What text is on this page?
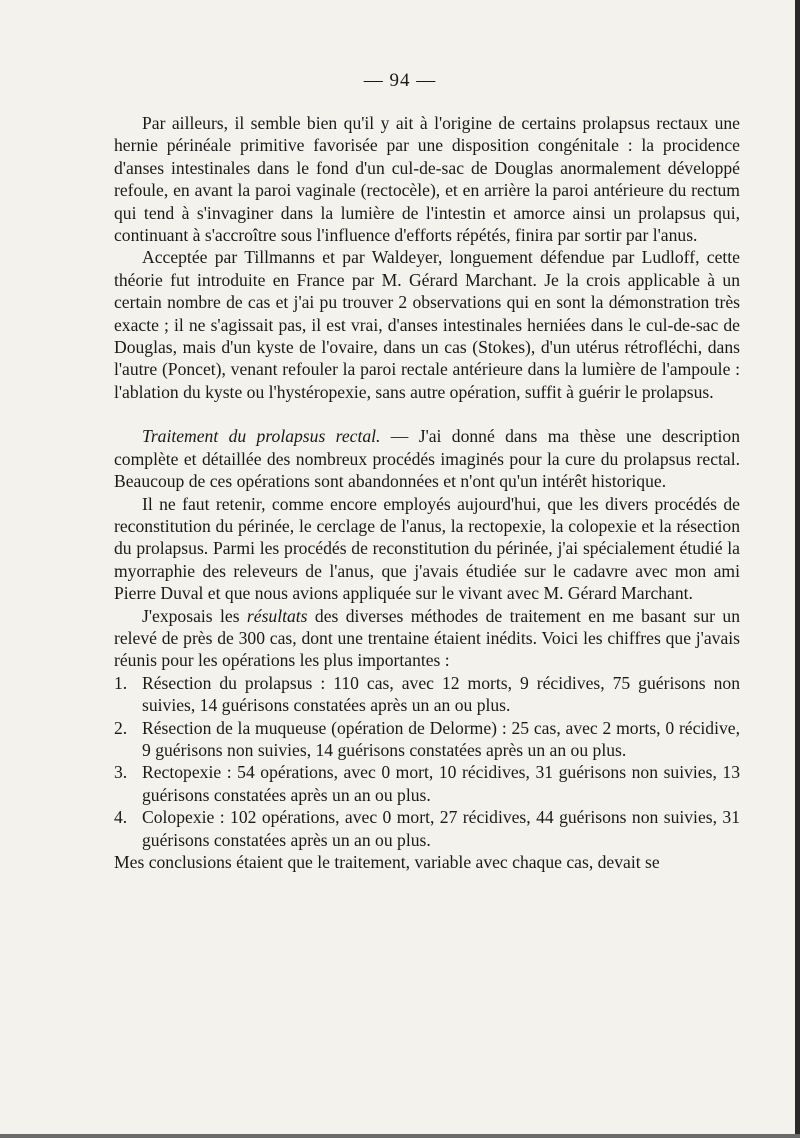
— 94 —

Par ailleurs, il semble bien qu'il y ait à l'origine de certains prolapsus rectaux une hernie périnéale primitive favorisée par une disposition congénitale : la procidence d'anses intestinales dans le fond d'un cul-de-sac de Douglas anormalement développé refoule, en avant la paroi vaginale (rectocèle), et en arrière la paroi antérieure du rectum qui tend à s'invaginer dans la lumière de l'intestin et amorce ainsi un prolapsus qui, continuant à s'accroître sous l'influence d'efforts répétés, finira par sortir par l'anus.

Acceptée par Tillmanns et par Waldeyer, longuement défendue par Ludloff, cette théorie fut introduite en France par M. Gérard Marchant. Je la crois applicable à un certain nombre de cas et j'ai pu trouver 2 observations qui en sont la démonstration très exacte ; il ne s'agissait pas, il est vrai, d'anses intestinales herniées dans le cul-de-sac de Douglas, mais d'un kyste de l'ovaire, dans un cas (Stokes), d'un utérus rétrofléchi, dans l'autre (Poncet), venant refouler la paroi rectale antérieure dans la lumière de l'ampoule : l'ablation du kyste ou l'hystéropexie, sans autre opération, suffit à guérir le prolapsus.

Traitement du prolapsus rectal. — J'ai donné dans ma thèse une description complète et détaillée des nombreux procédés imaginés pour la cure du prolapsus rectal. Beaucoup de ces opérations sont abandonnées et n'ont qu'un intérêt historique.

Il ne faut retenir, comme encore employés aujourd'hui, que les divers procédés de reconstitution du périnée, le cerclage de l'anus, la rectopexie, la colopexie et la résection du prolapsus. Parmi les procédés de reconstitution du périnée, j'ai spécialement étudié la myorraphie des releveurs de l'anus, que j'avais étudiée sur le cadavre avec mon ami Pierre Duval et que nous avions appliquée sur le vivant avec M. Gérard Marchant.

J'exposais les résultats des diverses méthodes de traitement en me basant sur un relevé de près de 300 cas, dont une trentaine étaient inédits. Voici les chiffres que j'avais réunis pour les opérations les plus importantes :

1. Résection du prolapsus : 110 cas, avec 12 morts, 9 récidives, 75 guérisons non suivies, 14 guérisons constatées après un an ou plus.

2. Résection de la muqueuse (opération de Delorme) : 25 cas, avec 2 morts, 0 récidive, 9 guérisons non suivies, 14 guérisons constatées après un an ou plus.

3. Rectopexie : 54 opérations, avec 0 mort, 10 récidives, 31 guérisons non suivies, 13 guérisons constatées après un an ou plus.

4. Colopexie : 102 opérations, avec 0 mort, 27 récidives, 44 guérisons non suivies, 31 guérisons constatées après un an ou plus.

Mes conclusions étaient que le traitement, variable avec chaque cas, devait se
